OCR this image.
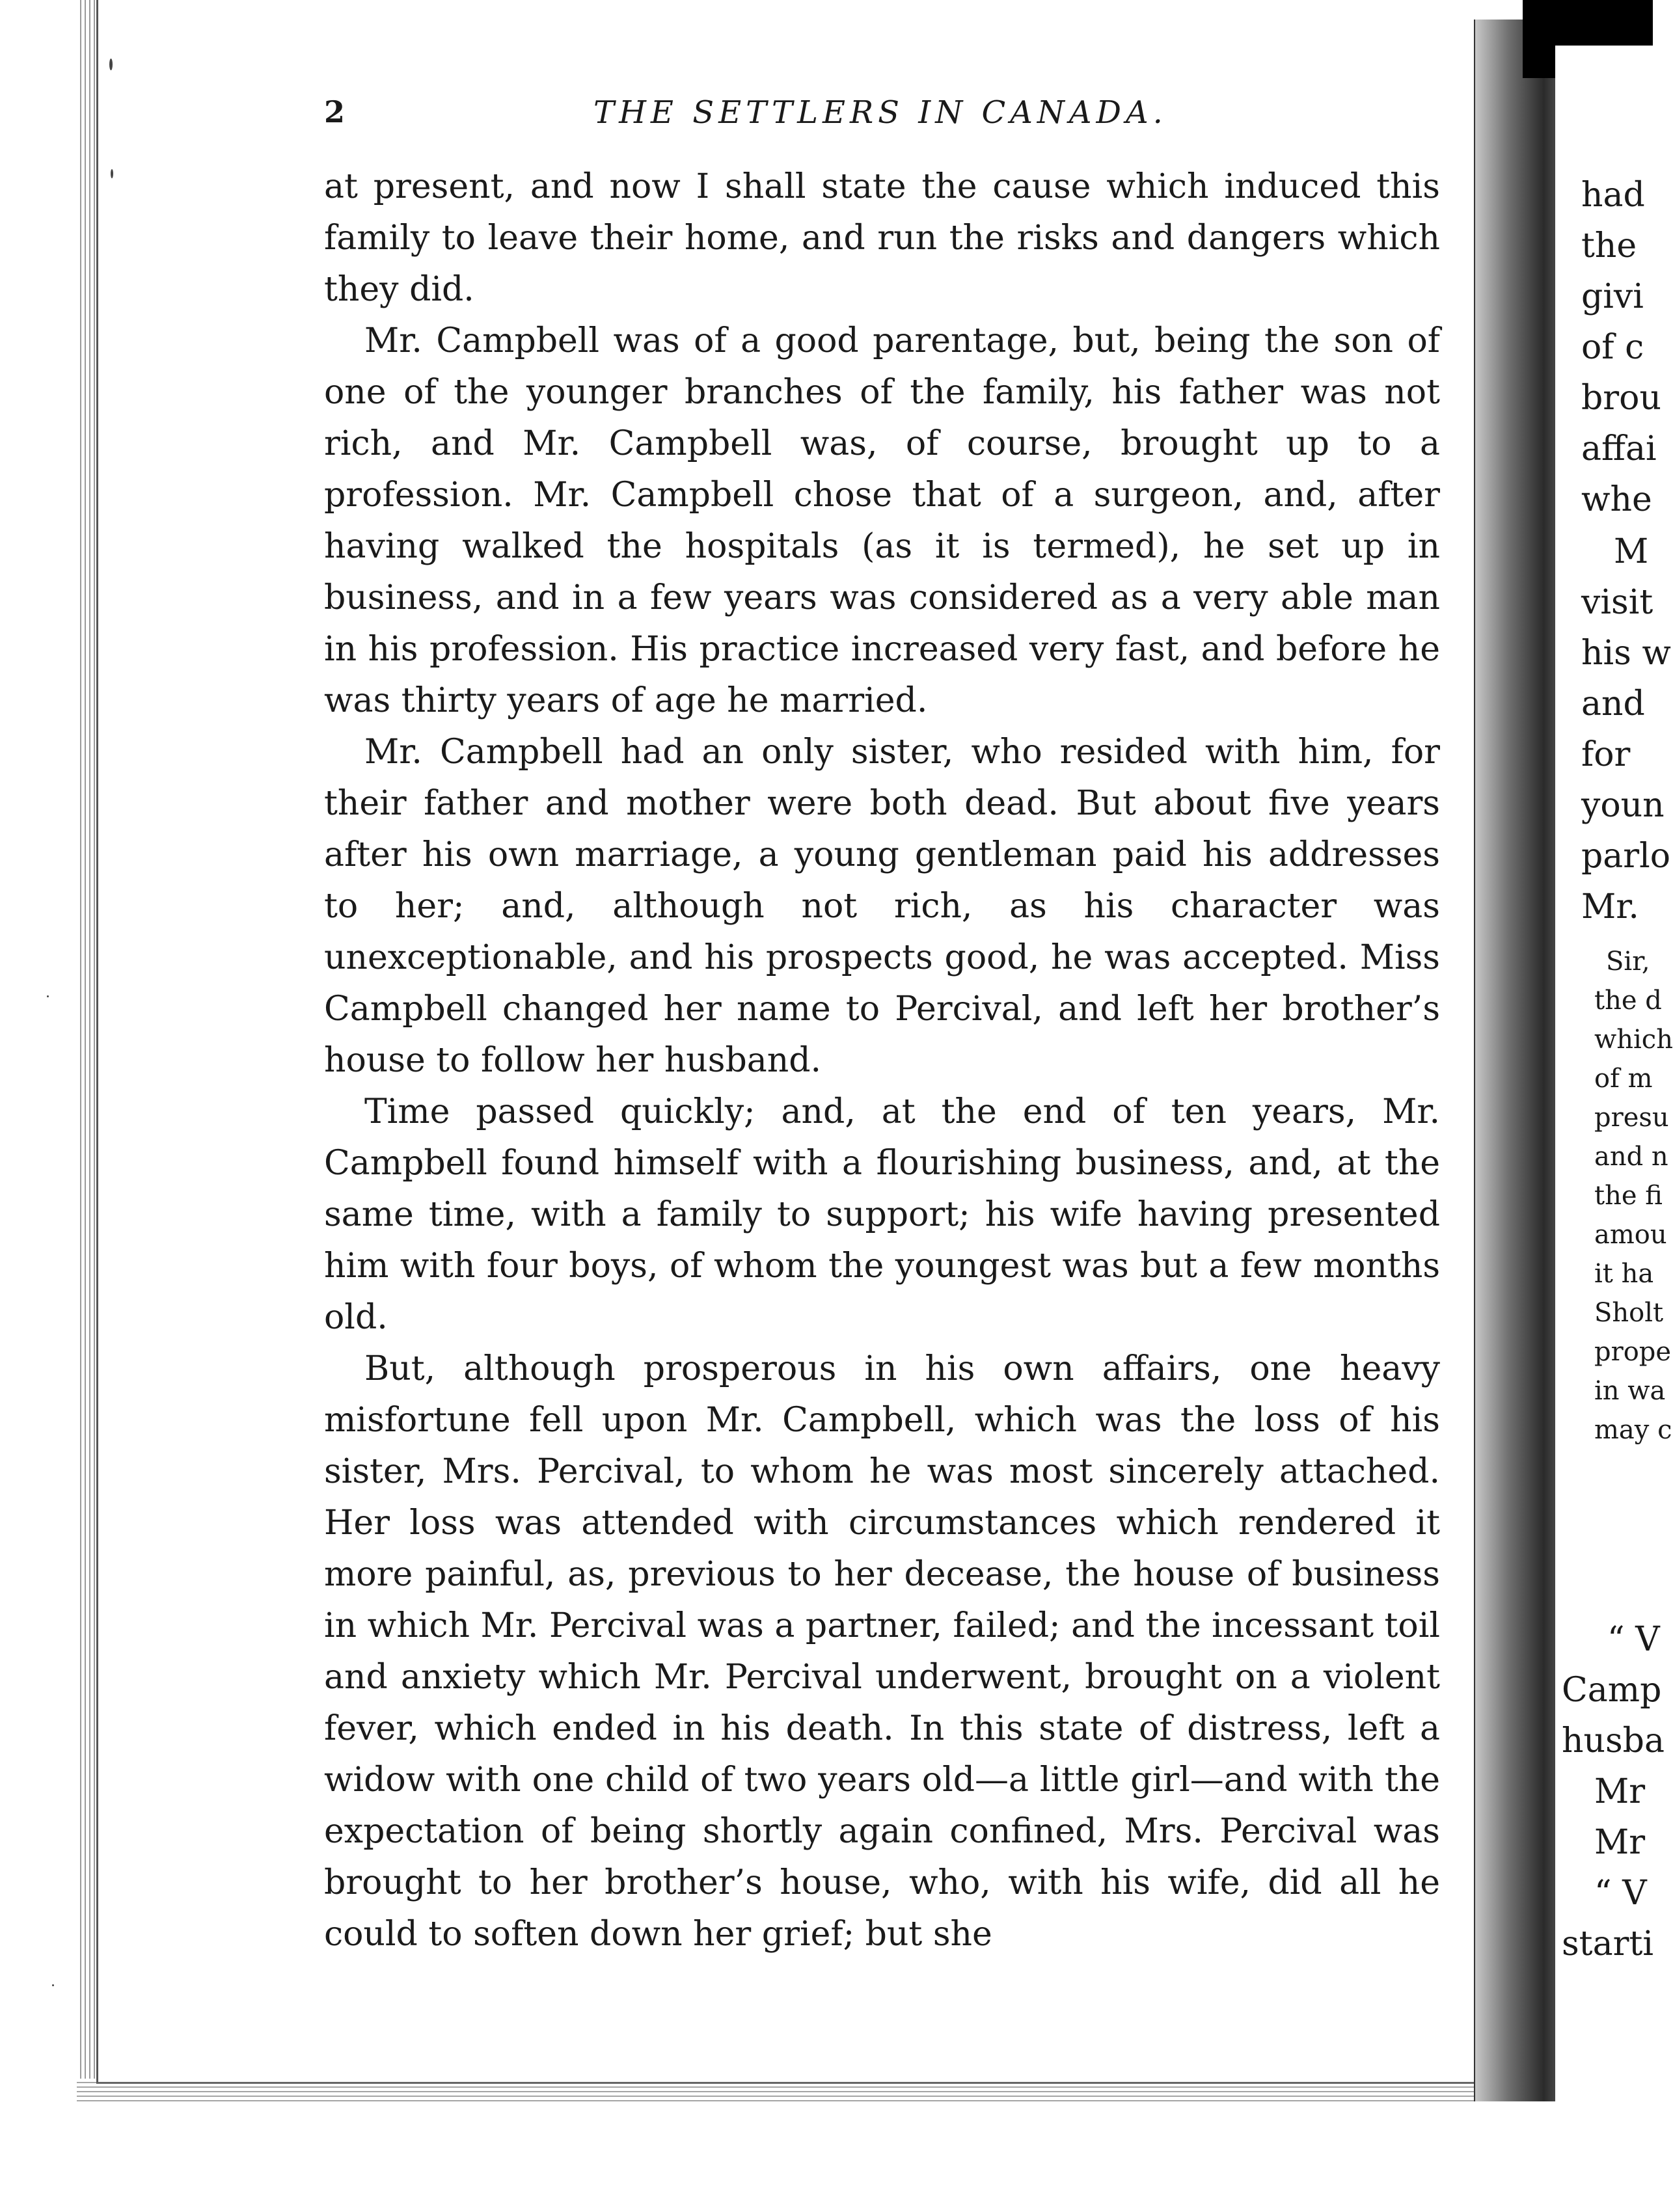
2	THE SETTLERS IN CANADA.

at present, and now I shall state the cause which induced this family to leave their home, and run the risks and dangers which they did.

Mr. Campbell was of a good parentage, but, being the son of one of the younger branches of the family, his father was not rich, and Mr. Campbell was, of course, brought up to a profession. Mr. Campbell chose that of a surgeon, and, after having walked the hospitals (as it is termed), he set up in business, and in a few years was considered as a very able man in his profession. His practice increased very fast, and before he was thirty years of age he married.

Mr. Campbell had an only sister, who resided with him, for their father and mother were both dead. But about five years after his own marriage, a young gentleman paid his addresses to her; and, although not rich, as his character was unexceptionable, and his prospects good, he was accepted. Miss Campbell changed her name to Percival, and left her brother’s house to follow her husband.

Time passed quickly; and, at the end of ten years, Mr. Campbell found himself with a flourishing business, and, at the same time, with a family to support; his wife having presented him with four boys, of whom the youngest was but a few months old.

But, although prosperous in his own affairs, one heavy misfortune fell upon Mr. Campbell, which was the loss of his sister, Mrs. Percival, to whom he was most sincerely attached. Her loss was attended with circumstances which rendered it more painful, as, previous to her decease, the house of business in which Mr. Percival was a partner, failed; and the incessant toil and anxiety which Mr. Percival underwent, brought on a violent fever, which ended in his death. In this state of distress, left a widow with one child of two years old—a little girl—and with the expectation of being shortly again confined, Mrs. Percival was brought to her brother’s house, who, with his wife, did all he could to soften down her grief; but she

had
the
givi
of c
brou
affai
whe
M
visit
his w
and
for
youn
parlo
Mr.
Sir,
the d
which
of m
presu
and n
the fi
amou
it ha
Sholt
prope
in wa
may c
“ V
Camp
husba
Mr
Mr
“ V
starti
